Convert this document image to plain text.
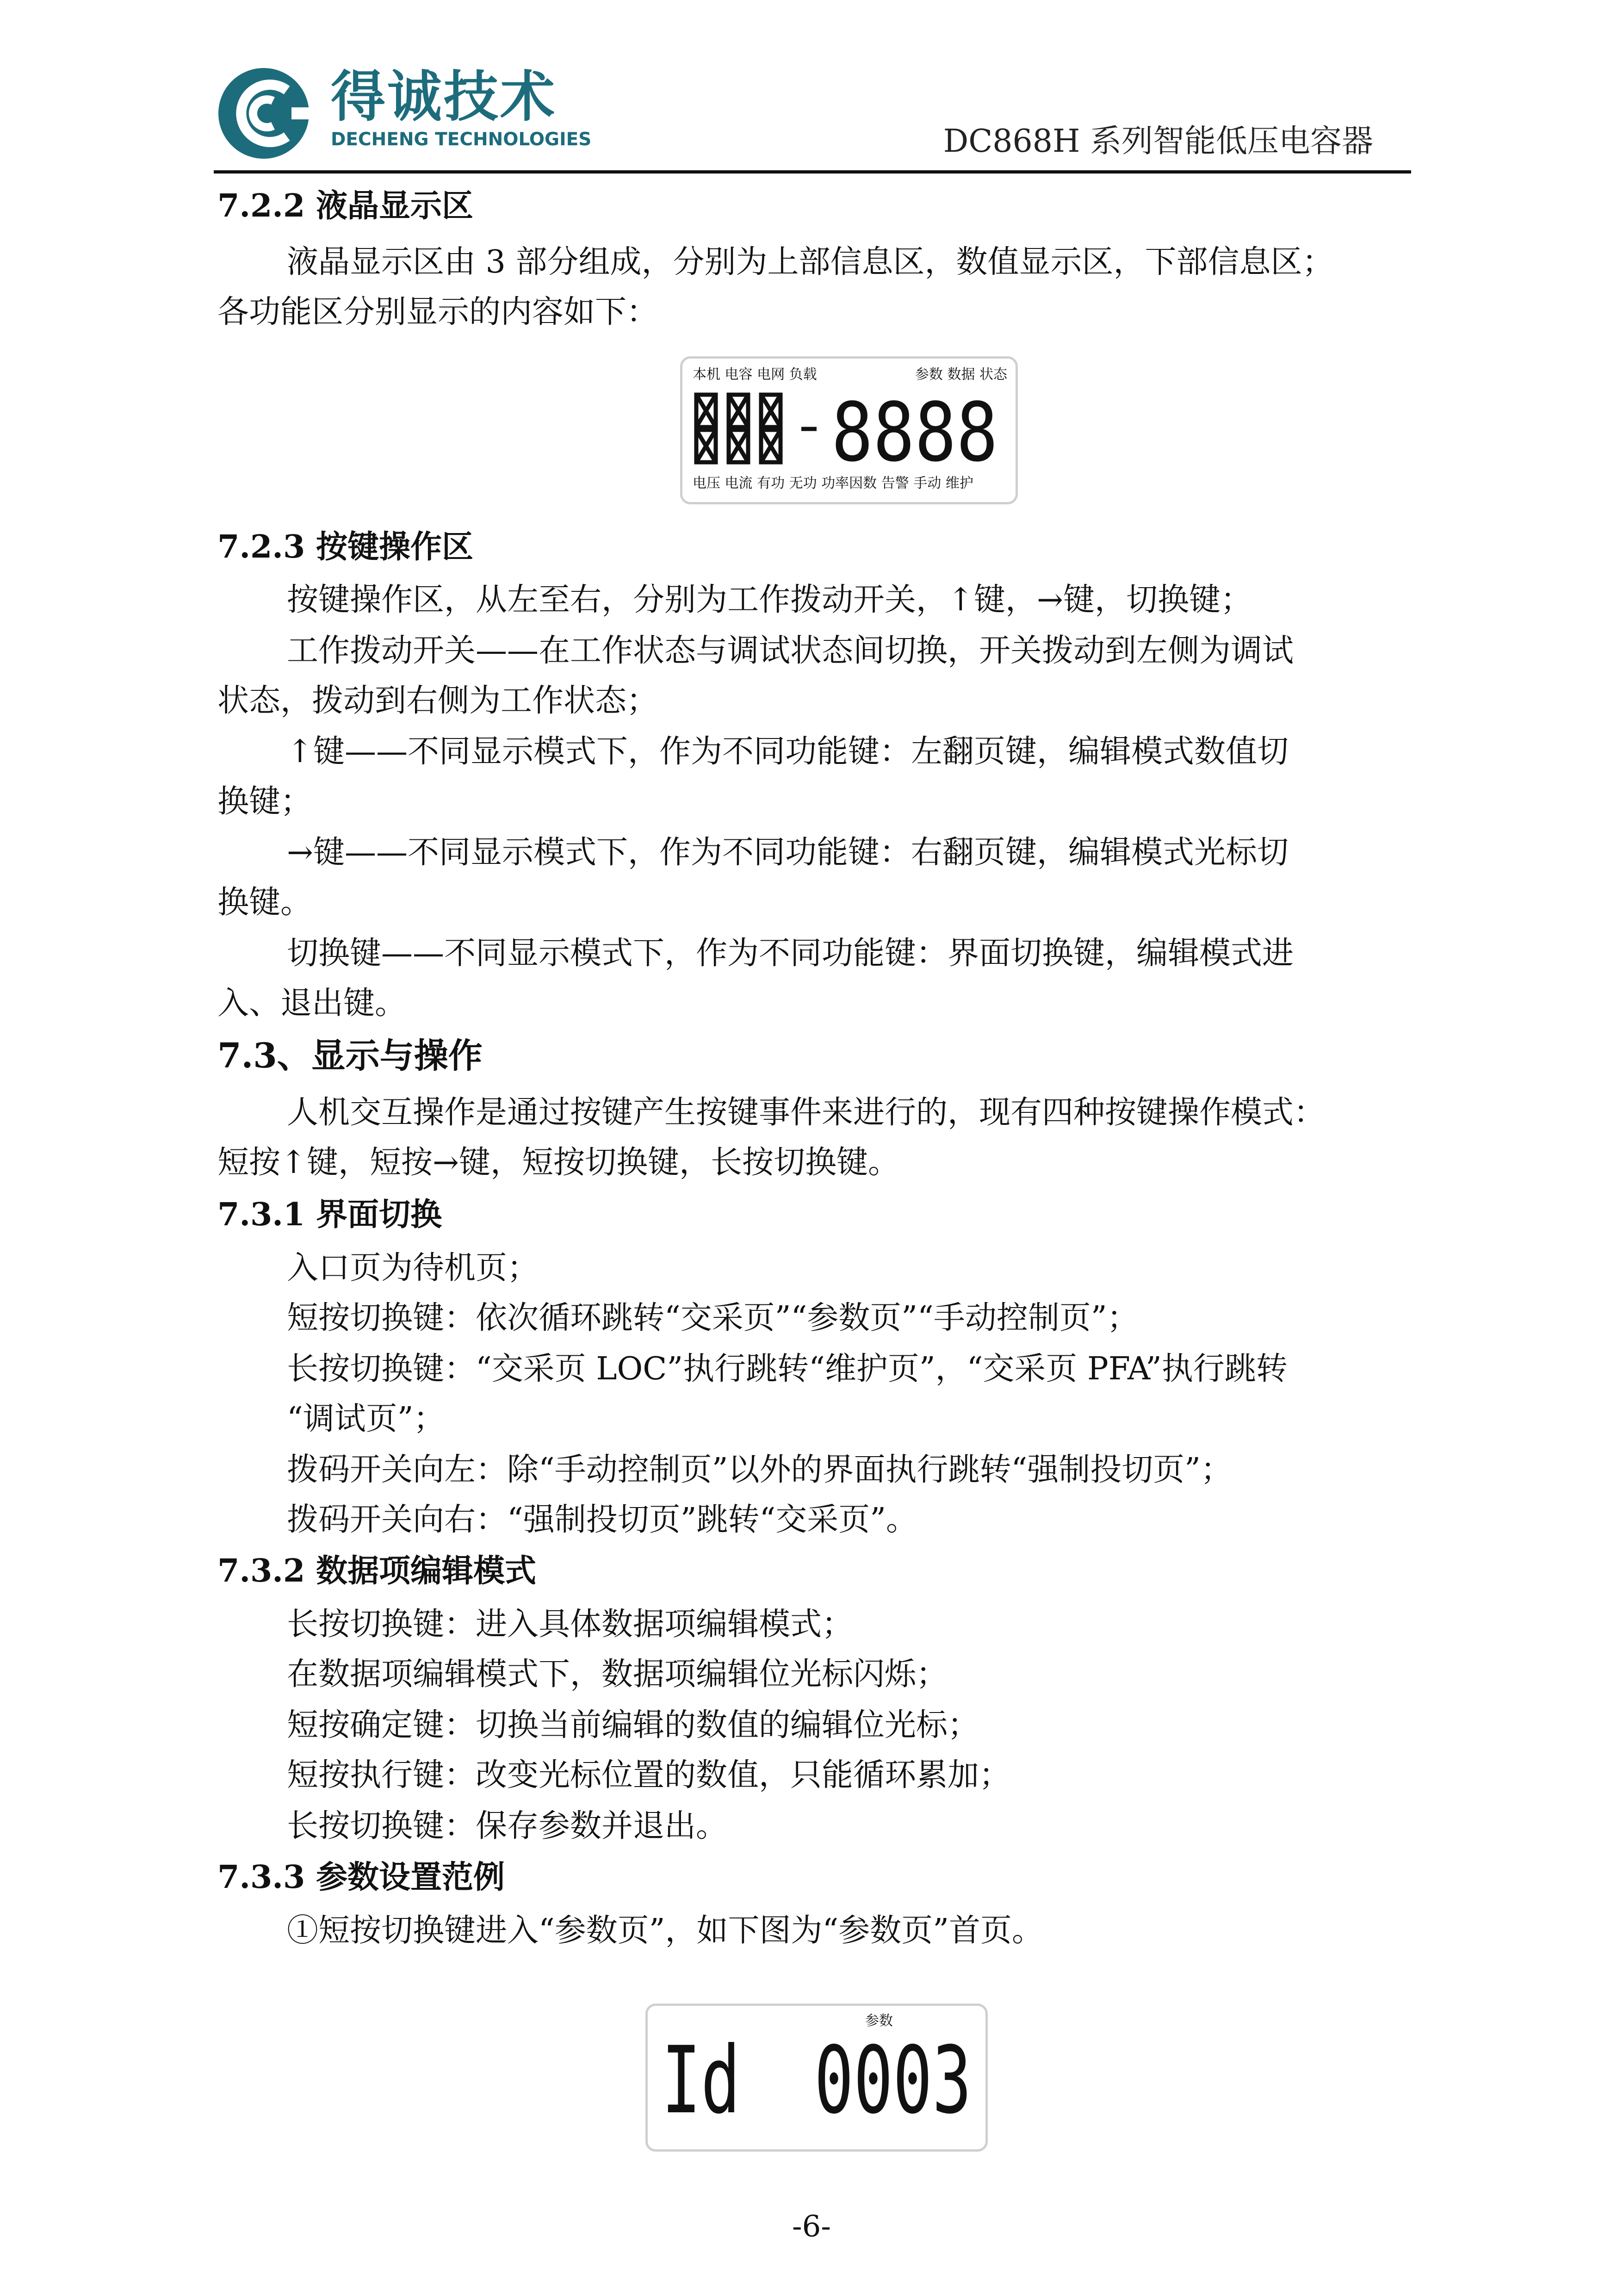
得诚技术
DECHENG TECHNOLOGIES	DC868H 系列智能低压电容器
7.2.2 液晶显示区
液晶显示区由 3 部分组成，分别为上部信息区，数值显示区，下部信息区；
各功能区分别显示的内容如下：
本机 电容 电网 负载	参数 数据 状态
8888
电压 电流 有功 无功 功率因数 告警 手动 维护
7.2.3 按键操作区
按键操作区，从左至右，分别为工作拨动开关，↑键，→键，切换键；
工作拨动开关——在工作状态与调试状态间切换，开关拨动到左侧为调试
状态，拨动到右侧为工作状态；
↑键——不同显示模式下，作为不同功能键：左翻页键，编辑模式数值切
换键；
→键——不同显示模式下，作为不同功能键：右翻页键，编辑模式光标切
换键。
切换键——不同显示模式下，作为不同功能键：界面切换键，编辑模式进
入、退出键。
7.3、显示与操作
人机交互操作是通过按键产生按键事件来进行的，现有四种按键操作模式：
短按↑键，短按→键，短按切换键，长按切换键。
7.3.1 界面切换
入口页为待机页；
短按切换键：依次循环跳转“交采页”“参数页”“手动控制页”；
长按切换键：“交采页 LOC”执行跳转“维护页”，“交采页 PFA”执行跳转
“调试页”；
拨码开关向左：除“手动控制页”以外的界面执行跳转“强制投切页”；
拨码开关向右：“强制投切页”跳转“交采页”。
7.3.2 数据项编辑模式
长按切换键：进入具体数据项编辑模式；
在数据项编辑模式下，数据项编辑位光标闪烁；
短按确定键：切换当前编辑的数值的编辑位光标；
短按执行键：改变光标位置的数值，只能循环累加；
长按切换键：保存参数并退出。
7.3.3 参数设置范例
①短按切换键进入“参数页”，如下图为“参数页”首页。
参数
Id 0003
-6-
